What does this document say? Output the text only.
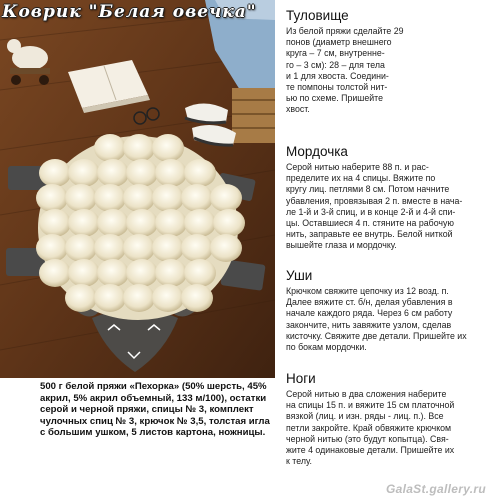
Коврик "Белая овечка"	Туловище
Из белой пряжи сделайте 29
понов (диаметр внешнего
круга – 7 см, внутренне-
го – 3 см): 28 – для тела
и 1 для хвоста. Соедини-
те помпоны толстой нит-
ью по схеме. Пришейте
хвост.
Мордочка
Серой нитью наберите 88 п. и рас-
пределите их на 4 спицы. Вяжите по
кругу лиц. петлями 8 см. Потом начните
убавления, провязывая 2 п. вместе в нача-
ле 1-й и 3-й спиц, и в конце 2-й и 4-й спи-
цы. Оставшиеся 4 п. стяните на рабочую
нить, заправьте ее внутрь. Белой ниткой
вышейте глаза и мордочку.
Уши
Крючком свяжите цепочку из 12 возд. п.
Далее вяжите ст. б/н, делая убавления в
начале каждого ряда. Через 6 см работу
закончите, нить завяжите узлом, сделав
кисточку. Свяжите две детали. Пришейте их
по бокам мордочки.
Ноги
Серой нитью в два сложения наберите
на спицы 15 п. и вяжите 15 см платочной
вязкой (лиц. и изн. ряды - лиц. п.). Все
петли закройте. Край обвяжите крючком
черной нитью (это будут копытца). Свя-
жите 4 одинаковые детали. Пришейте их
к телу.
500 г белой пряжи «Пехорка» (50% шерсть, 45% акрил, 5% акрил объемный, 133 м/100), остатки серой и черной пряжи, спицы № 3, комплект чулочных спиц № 3, крючок № 3,5, толстая игла с большим ушком, 5 листов картона, ножницы.
GalaSt.gallery.ru
